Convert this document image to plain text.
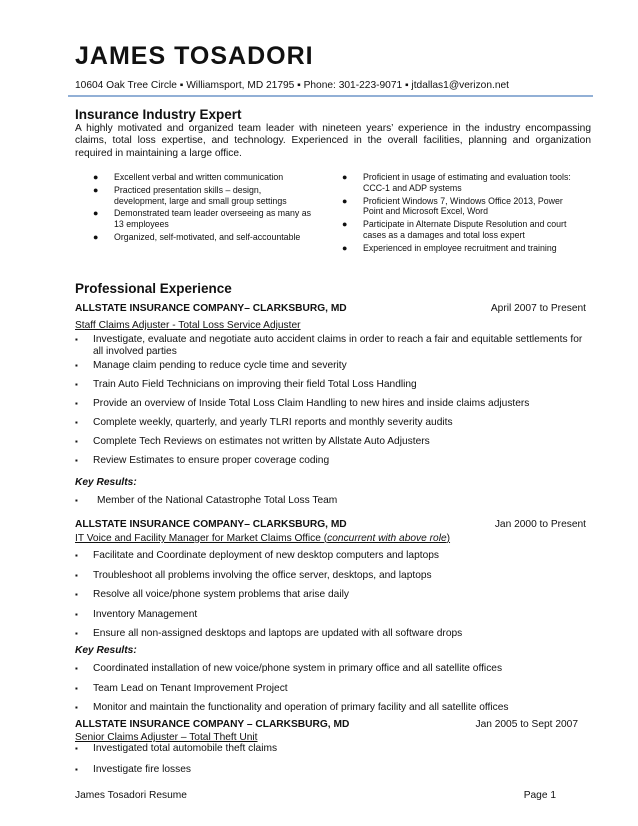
JAMES TOSADORI
10604 Oak Tree Circle ▪ Williamsport, MD 21795 ▪ Phone: 301-223-9071 ▪ jtdallas1@verizon.net
Insurance Industry Expert
A highly motivated and organized team leader with nineteen years’ experience in the industry encompassing claims, total loss expertise, and technology. Experienced in the overall facilities, planning and organization required in maintaining a large office.
● Excellent verbal and written communication
● Practiced presentation skills – design, development, large and small group settings
● Demonstrated team leader overseeing as many as 13 employees
● Organized, self-motivated, and self-accountable
● Proficient in usage of estimating and evaluation tools: CCC-1 and ADP systems
● Proficient Windows 7, Windows Office 2013, Power Point and Microsoft Excel, Word
● Participate in Alternate Dispute Resolution and court cases as a damages and total loss expert
● Experienced in employee recruitment and training
Professional Experience
ALLSTATE INSURANCE COMPANY– CLARKSBURG, MD	April 2007 to Present
Staff Claims Adjuster - Total Loss Service Adjuster
▪ Investigate, evaluate and negotiate auto accident claims in order to reach a fair and equitable settlements for all involved parties
▪ Manage claim pending to reduce cycle time and severity
▪ Train Auto Field Technicians on improving their field Total Loss Handling
▪ Provide an overview of Inside Total Loss Claim Handling to new hires and inside claims adjusters
▪ Complete weekly, quarterly, and yearly TLRI reports and monthly severity audits
▪ Complete Tech Reviews on estimates not written by Allstate Auto Adjusters
▪ Review Estimates to ensure proper coverage coding
Key Results:
▪ Member of the National Catastrophe Total Loss Team
ALLSTATE INSURANCE COMPANY– CLARKSBURG, MD	Jan 2000 to Present
IT Voice and Facility Manager for Market Claims Office (concurrent with above role)
▪ Facilitate and Coordinate deployment of new desktop computers and laptops
▪ Troubleshoot all problems involving the office server, desktops, and laptops
▪ Resolve all voice/phone system problems that arise daily
▪ Inventory Management
▪ Ensure all non-assigned desktops and laptops are updated with all software drops
Key Results:
▪ Coordinated installation of new voice/phone system in primary office and all satellite offices
▪ Team Lead on Tenant Improvement Project
▪ Monitor and maintain the functionality and operation of primary facility and all satellite offices
ALLSTATE INSURANCE COMPANY – CLARKSBURG, MD	Jan 2005 to Sept 2007
Senior Claims Adjuster – Total Theft Unit
▪ Investigated total automobile theft claims
▪ Investigate fire losses
James Tosadori Resume	Page 1
